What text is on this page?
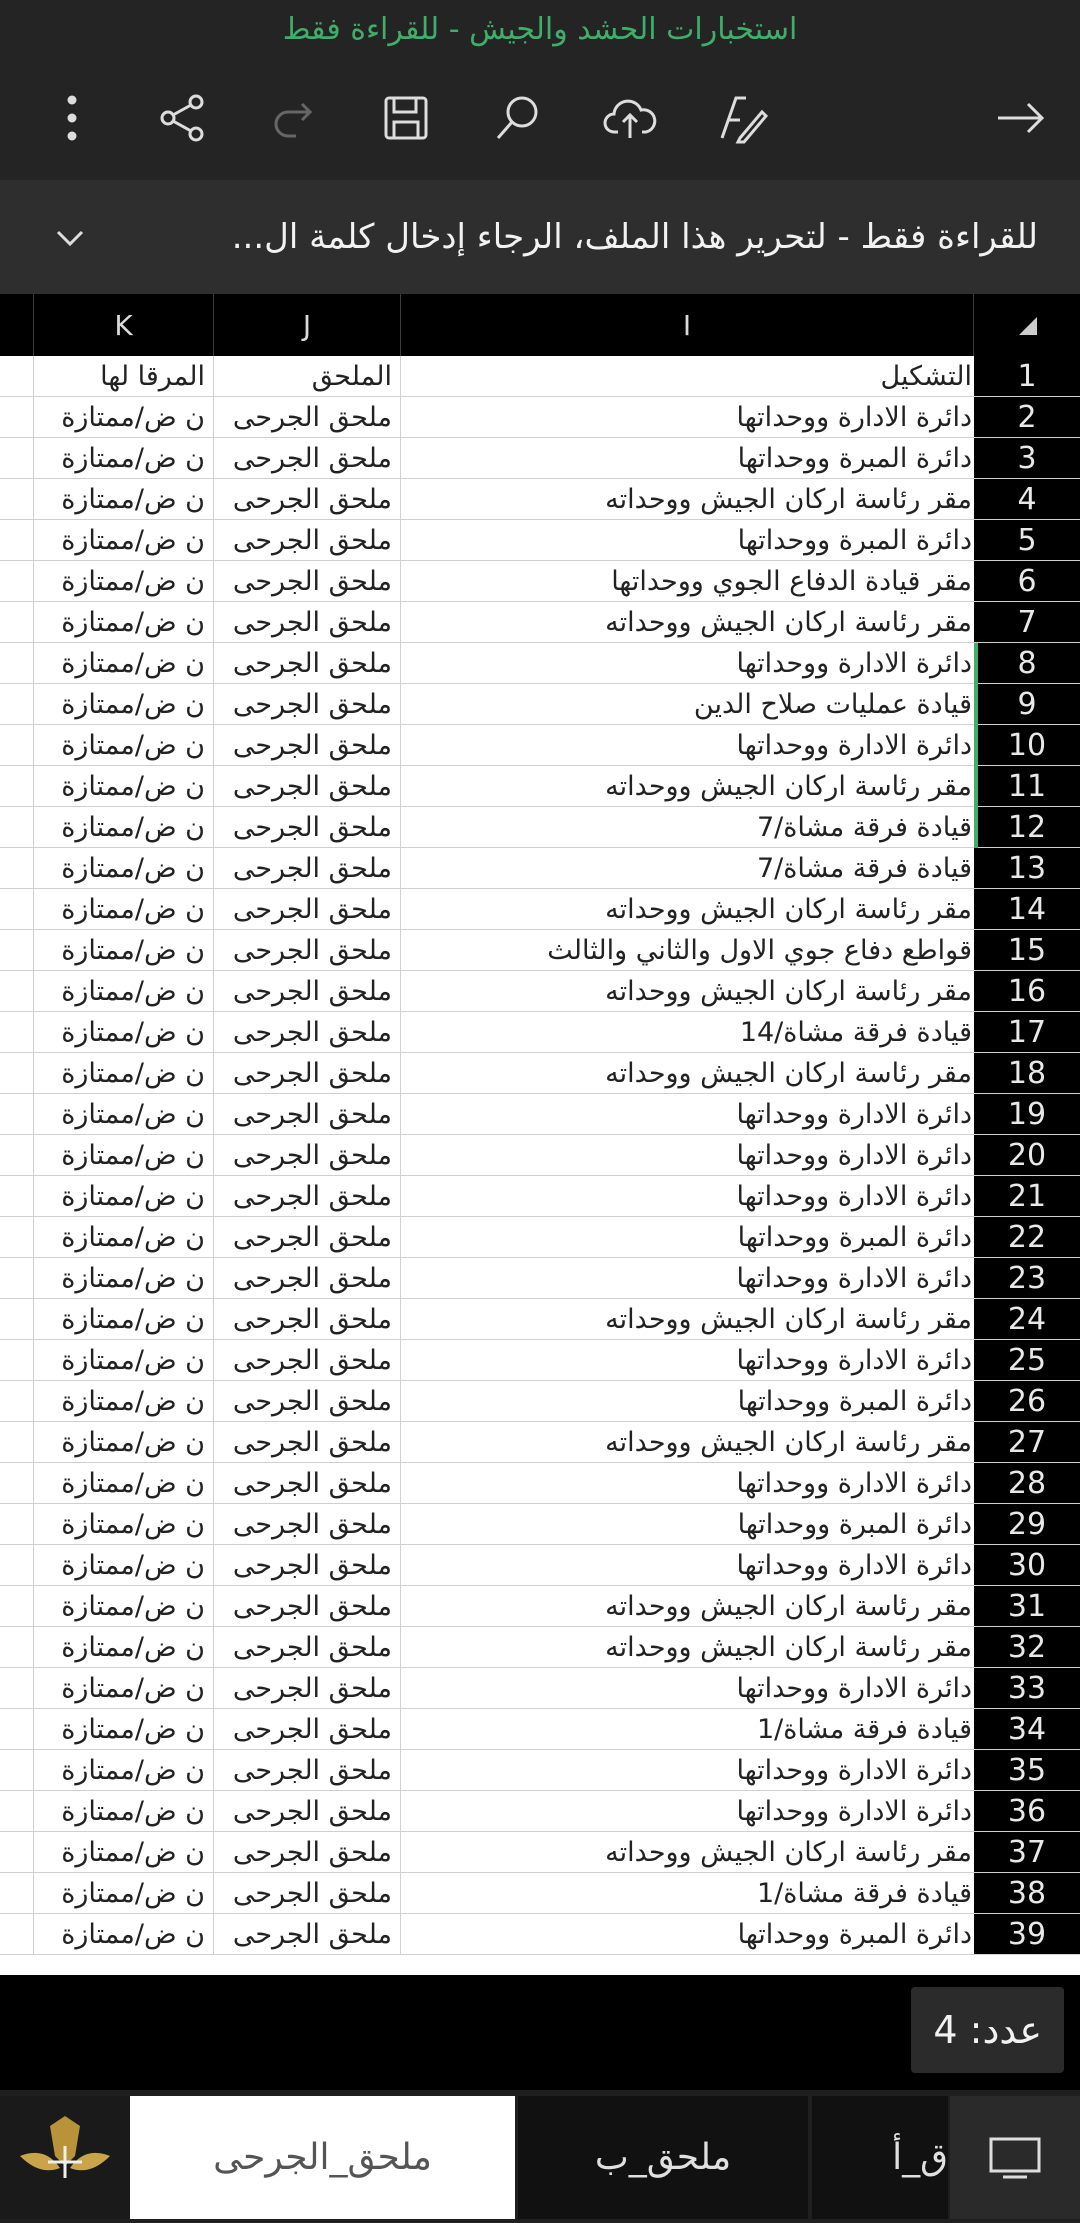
استخبارات الحشد والجيش - للقراءة فقط
للقراءة فقط - لتحرير هذا الملف، الرجاء إدخال كلمة ال...
K	J	I
المرقا لها	الملحق	التشكيل	1
ن ض/ممتازة	ملحق الجرحى	دائرة الادارة ووحداتها	2
ن ض/ممتازة	ملحق الجرحى	دائرة المبرة ووحداتها	3
ن ض/ممتازة	ملحق الجرحى	مقر رئاسة اركان الجيش ووحداته	4
ن ض/ممتازة	ملحق الجرحى	دائرة المبرة ووحداتها	5
ن ض/ممتازة	ملحق الجرحى	مقر قيادة الدفاع الجوي ووحداتها	6
ن ض/ممتازة	ملحق الجرحى	مقر رئاسة اركان الجيش ووحداته	7
ن ض/ممتازة	ملحق الجرحى	دائرة الادارة ووحداتها	8
ن ض/ممتازة	ملحق الجرحى	قيادة عمليات صلاح الدين	9
ن ض/ممتازة	ملحق الجرحى	دائرة الادارة ووحداتها	10
ن ض/ممتازة	ملحق الجرحى	مقر رئاسة اركان الجيش ووحداته	11
ن ض/ممتازة	ملحق الجرحى	قيادة فرقة مشاة/7	12
ن ض/ممتازة	ملحق الجرحى	قيادة فرقة مشاة/7	13
ن ض/ممتازة	ملحق الجرحى	مقر رئاسة اركان الجيش ووحداته	14
ن ض/ممتازة	ملحق الجرحى	قواطع دفاع جوي الاول والثاني والثالث	15
ن ض/ممتازة	ملحق الجرحى	مقر رئاسة اركان الجيش ووحداته	16
ن ض/ممتازة	ملحق الجرحى	قيادة فرقة مشاة/14	17
ن ض/ممتازة	ملحق الجرحى	مقر رئاسة اركان الجيش ووحداته	18
ن ض/ممتازة	ملحق الجرحى	دائرة الادارة ووحداتها	19
ن ض/ممتازة	ملحق الجرحى	دائرة الادارة ووحداتها	20
ن ض/ممتازة	ملحق الجرحى	دائرة الادارة ووحداتها	21
ن ض/ممتازة	ملحق الجرحى	دائرة المبرة ووحداتها	22
ن ض/ممتازة	ملحق الجرحى	دائرة الادارة ووحداتها	23
ن ض/ممتازة	ملحق الجرحى	مقر رئاسة اركان الجيش ووحداته	24
ن ض/ممتازة	ملحق الجرحى	دائرة الادارة ووحداتها	25
ن ض/ممتازة	ملحق الجرحى	دائرة المبرة ووحداتها	26
ن ض/ممتازة	ملحق الجرحى	مقر رئاسة اركان الجيش ووحداته	27
ن ض/ممتازة	ملحق الجرحى	دائرة الادارة ووحداتها	28
ن ض/ممتازة	ملحق الجرحى	دائرة المبرة ووحداتها	29
ن ض/ممتازة	ملحق الجرحى	دائرة الادارة ووحداتها	30
ن ض/ممتازة	ملحق الجرحى	مقر رئاسة اركان الجيش ووحداته	31
ن ض/ممتازة	ملحق الجرحى	مقر رئاسة اركان الجيش ووحداته	32
ن ض/ممتازة	ملحق الجرحى	دائرة الادارة ووحداتها	33
ن ض/ممتازة	ملحق الجرحى	قيادة فرقة مشاة/1	34
ن ض/ممتازة	ملحق الجرحى	دائرة الادارة ووحداتها	35
ن ض/ممتازة	ملحق الجرحى	دائرة الادارة ووحداتها	36
ن ض/ممتازة	ملحق الجرحى	مقر رئاسة اركان الجيش ووحداته	37
ن ض/ممتازة	ملحق الجرحى	قيادة فرقة مشاة/1	38
ن ض/ممتازة	ملحق الجرحى	دائرة المبرة ووحداتها	39
عدد: 4
ملحق_الجرحى	ملحق_ب	ق_أ
